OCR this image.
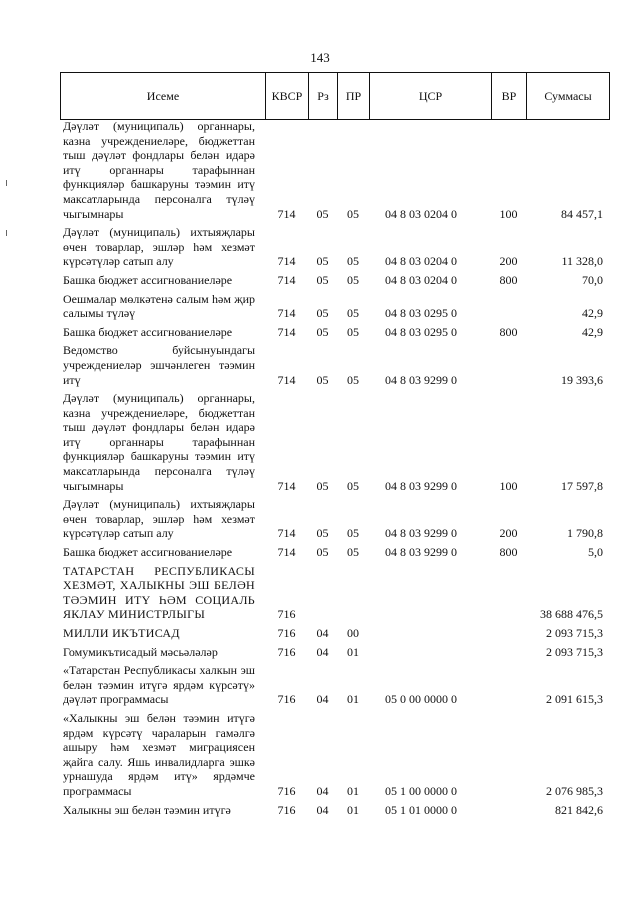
143
Исеме	КВСР	Рз	ПР	ЦСР	ВР	Суммасы
Дәүләт (муниципаль) органнары, казна учреждениеләре, бюджеттан тыш дәүләт фондлары белән идарә итү органнары тарафыннан функцияләр башкаруны тәэмин итү максатларында персоналга түләү чыгымнары	714	05	05	04 8 03 0204 0	100	84 457,1
Дәүләт (муниципаль) ихтыяҗлары өчен товарлар, эшләр һәм хезмәт күрсәтүләр сатып алу	714	05	05	04 8 03 0204 0	200	11 328,0
Башка бюджет ассигнованиеләре	714	05	05	04 8 03 0204 0	800	70,0
Оешмалар мөлкәтенә салым һәм җир салымы түләү	714	05	05	04 8 03 0295 0		42,9
Башка бюджет ассигнованиеләре	714	05	05	04 8 03 0295 0	800	42,9
Ведомство буйсынуындагы учреждениеләр эшчәнлеген тәэмин итү	714	05	05	04 8 03 9299 0		19 393,6
Дәүләт (муниципаль) органнары, казна учреждениеләре, бюджеттан тыш дәүләт фондлары белән идарә итү органнары тарафыннан функцияләр башкаруны тәэмин итү максатларында персоналга түләү чыгымнары	714	05	05	04 8 03 9299 0	100	17 597,8
Дәүләт (муниципаль) ихтыяҗлары өчен товарлар, эшләр һәм хезмәт күрсәтүләр сатып алу	714	05	05	04 8 03 9299 0	200	1 790,8
Башка бюджет ассигнованиеләре	714	05	05	04 8 03 9299 0	800	5,0
ТАТАРСТАН РЕСПУБЛИКАСЫ ХЕЗМӘТ, ХАЛЫКНЫ ЭШ БЕЛӘН ТӘЭМИН ИТҮ ҺӘМ СОЦИАЛЬ ЯКЛАУ МИНИСТРЛЫГЫ	716					38 688 476,5
МИЛЛИ ИКЪТИСАД	716	04	00			2 093 715,3
Гомумикътисадый мәсьәләләр	716	04	01			2 093 715,3
«Татарстан Республикасы халкын эш белән тәэмин итүгә ярдәм күрсәтү» дәүләт программасы	716	04	01	05 0 00 0000 0		2 091 615,3
«Халыкны эш белән тәэмин итүгә ярдәм күрсәтү чараларын гамәлгә ашыру һәм хезмәт миграциясен җайга салу. Яшь инвалидларга эшкә урнашуда ярдәм итү» ярдәмче программасы	716	04	01	05 1 00 0000 0		2 076 985,3
Халыкны эш белән тәэмин итүгә	716	04	01	05 1 01 0000 0		821 842,6
